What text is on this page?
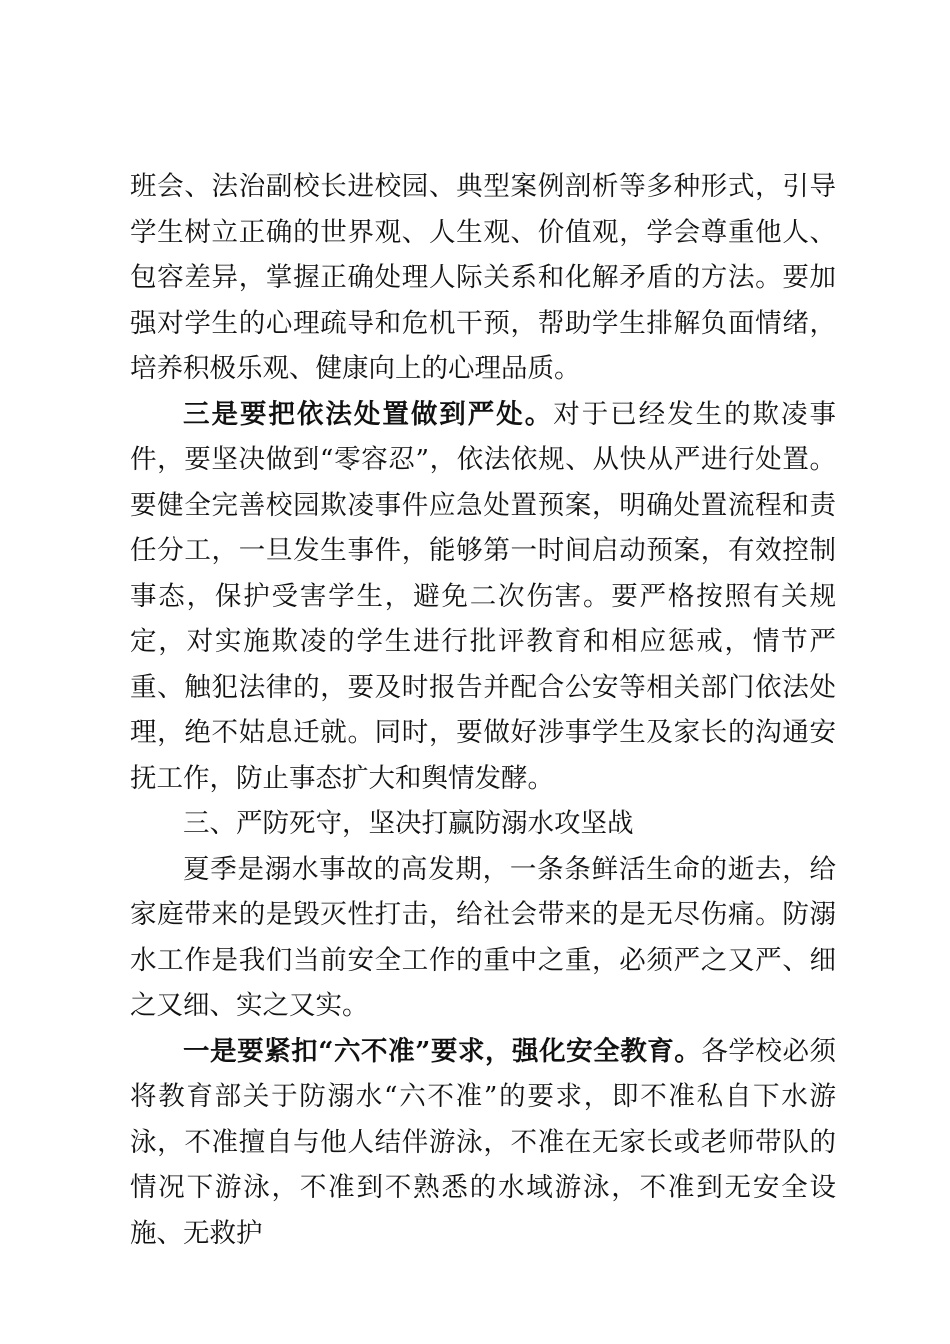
班会、法治副校长进校园、典型案例剖析等多种形式，引导学生树立正确的世界观、人生观、价值观，学会尊重他人、包容差异，掌握正确处理人际关系和化解矛盾的方法。要加强对学生的心理疏导和危机干预，帮助学生排解负面情绪，培养积极乐观、健康向上的心理品质。

三是要把依法处置做到严处。对于已经发生的欺凌事件，要坚决做到“零容忍”，依法依规、从快从严进行处置。要健全完善校园欺凌事件应急处置预案，明确处置流程和责任分工，一旦发生事件，能够第一时间启动预案，有效控制事态，保护受害学生，避免二次伤害。要严格按照有关规定，对实施欺凌的学生进行批评教育和相应惩戒，情节严重、触犯法律的，要及时报告并配合公安等相关部门依法处理，绝不姑息迁就。同时，要做好涉事学生及家长的沟通安抚工作，防止事态扩大和舆情发酵。

三、严防死守，坚决打赢防溺水攻坚战

夏季是溺水事故的高发期，一条条鲜活生命的逝去，给家庭带来的是毁灭性打击，给社会带来的是无尽伤痛。防溺水工作是我们当前安全工作的重中之重，必须严之又严、细之又细、实之又实。

一是要紧扣“六不准”要求，强化安全教育。各学校必须将教育部关于防溺水“六不准”的要求，即不准私自下水游泳，不准擅自与他人结伴游泳，不准在无家长或老师带队的情况下游泳，不准到不熟悉的水域游泳，不准到无安全设施、无救护
